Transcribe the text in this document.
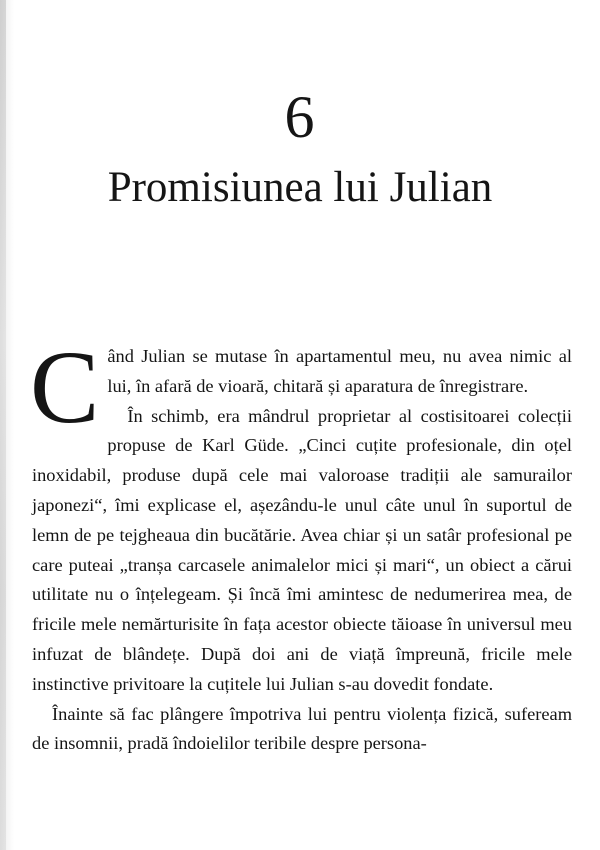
6
Promisiunea lui Julian

Când Julian se mutase în apartamentul meu, nu avea nimic al lui, în afară de vioară, chitară și aparatura de înregistrare.

În schimb, era mândrul proprietar al costisitoarei colecții propuse de Karl Güde. „Cinci cuțite profesionale, din oțel inoxidabil, produse după cele mai valoroase tradiții ale samurailor japonezi“, îmi explicase el, așezându-le unul câte unul în suportul de lemn de pe tejgheaua din bucătărie. Avea chiar și un satâr profesional pe care puteai „tranșa carcasele animalelor mici și mari“, un obiect a cărui utilitate nu o înțelegeam. Și încă îmi amintesc de nedumerirea mea, de fricile mele nemărturisite în fața acestor obiecte tăioase în universul meu infuzat de blândețe. După doi ani de viață împreună, fricile mele instinctive privitoare la cuțitele lui Julian s-au dovedit fondate.

Înainte să fac plângere împotriva lui pentru violența fizică, sufeream de insomnii, pradă îndoielilor teribile despre persona-
